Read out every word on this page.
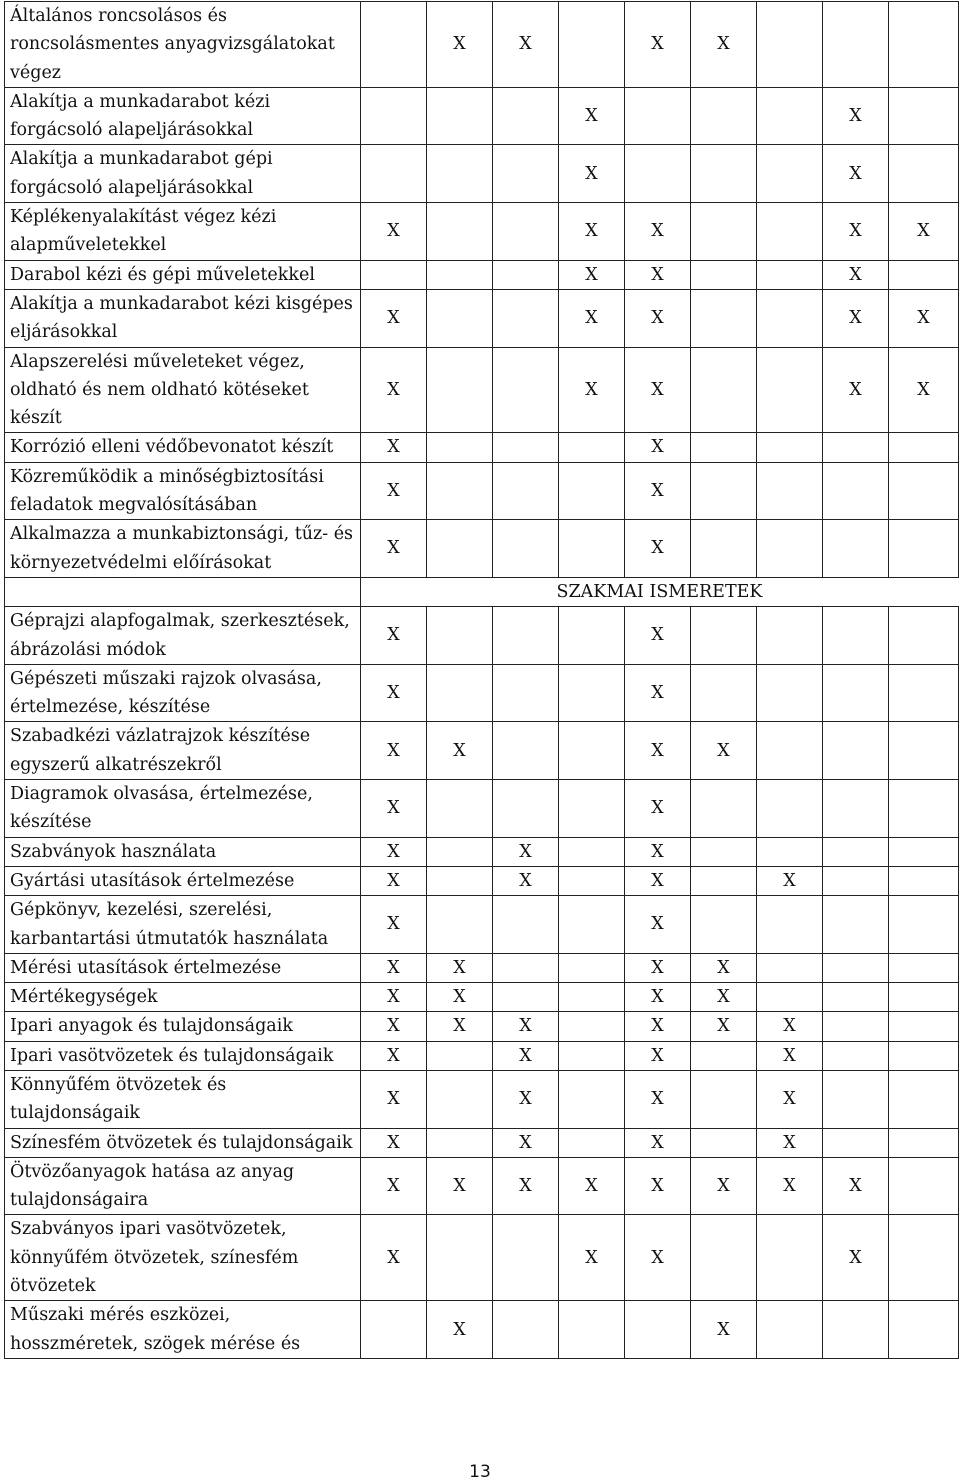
Általános roncsolásos és roncsolásmentes anyagvizsgálatokat végez		X	X		X	X			
Alakítja a munkadarabot kézi forgácsoló alapeljárásokkal				X				X	
Alakítja a munkadarabot gépi forgácsoló alapeljárásokkal				X				X	
Képlékenyalakítást végez kézi alapműveletekkel	X			X	X			X	X
Darabol kézi és gépi műveletekkel				X	X			X	
Alakítja a munkadarabot kézi kisgépes eljárásokkal	X			X	X			X	X
Alapszerelési műveleteket végez, oldható és nem oldható kötéseket készít	X			X	X			X	X
Korrózió elleni védőbevonatot készít	X				X				
Közreműködik a minőségbiztosítási feladatok megvalósításában	X				X				
Alkalmazza a munkabiztonsági, tűz- és környezetvédelmi előírásokat	X				X				
	SZAKMAI ISMERETEK								
Géprajzi alapfogalmak, szerkesztések, ábrázolási módok	X				X				
Gépészeti műszaki rajzok olvasása, értelmezése, készítése	X				X				
Szabadkézi vázlatrajzok készítése egyszerű alkatrészekről	X	X			X	X			
Diagramok olvasása, értelmezése, készítése	X				X				
Szabványok használata	X		X		X				
Gyártási utasítások értelmezése	X		X		X		X		
Gépkönyv, kezelési, szerelési, karbantartási útmutatók használata	X				X				
Mérési utasítások értelmezése	X	X			X	X			
Mértékegységek	X	X			X	X			
Ipari anyagok és tulajdonságaik	X	X	X		X	X	X		
Ipari vasötvözetek és tulajdonságaik	X		X		X		X		
Könnyűfém ötvözetek és tulajdonságaik	X		X		X		X		
Színesfém ötvözetek és tulajdonságaik	X		X		X		X		
Ötvözőanyagok hatása az anyag tulajdonságaira	X	X	X	X	X	X	X	X	
Szabványos ipari vasötvözetek, könnyűfém ötvözetek, színesfém ötvözetek	X			X	X			X	
Műszaki mérés eszközei, hosszméretek, szögek mérése és		X				X			
13
